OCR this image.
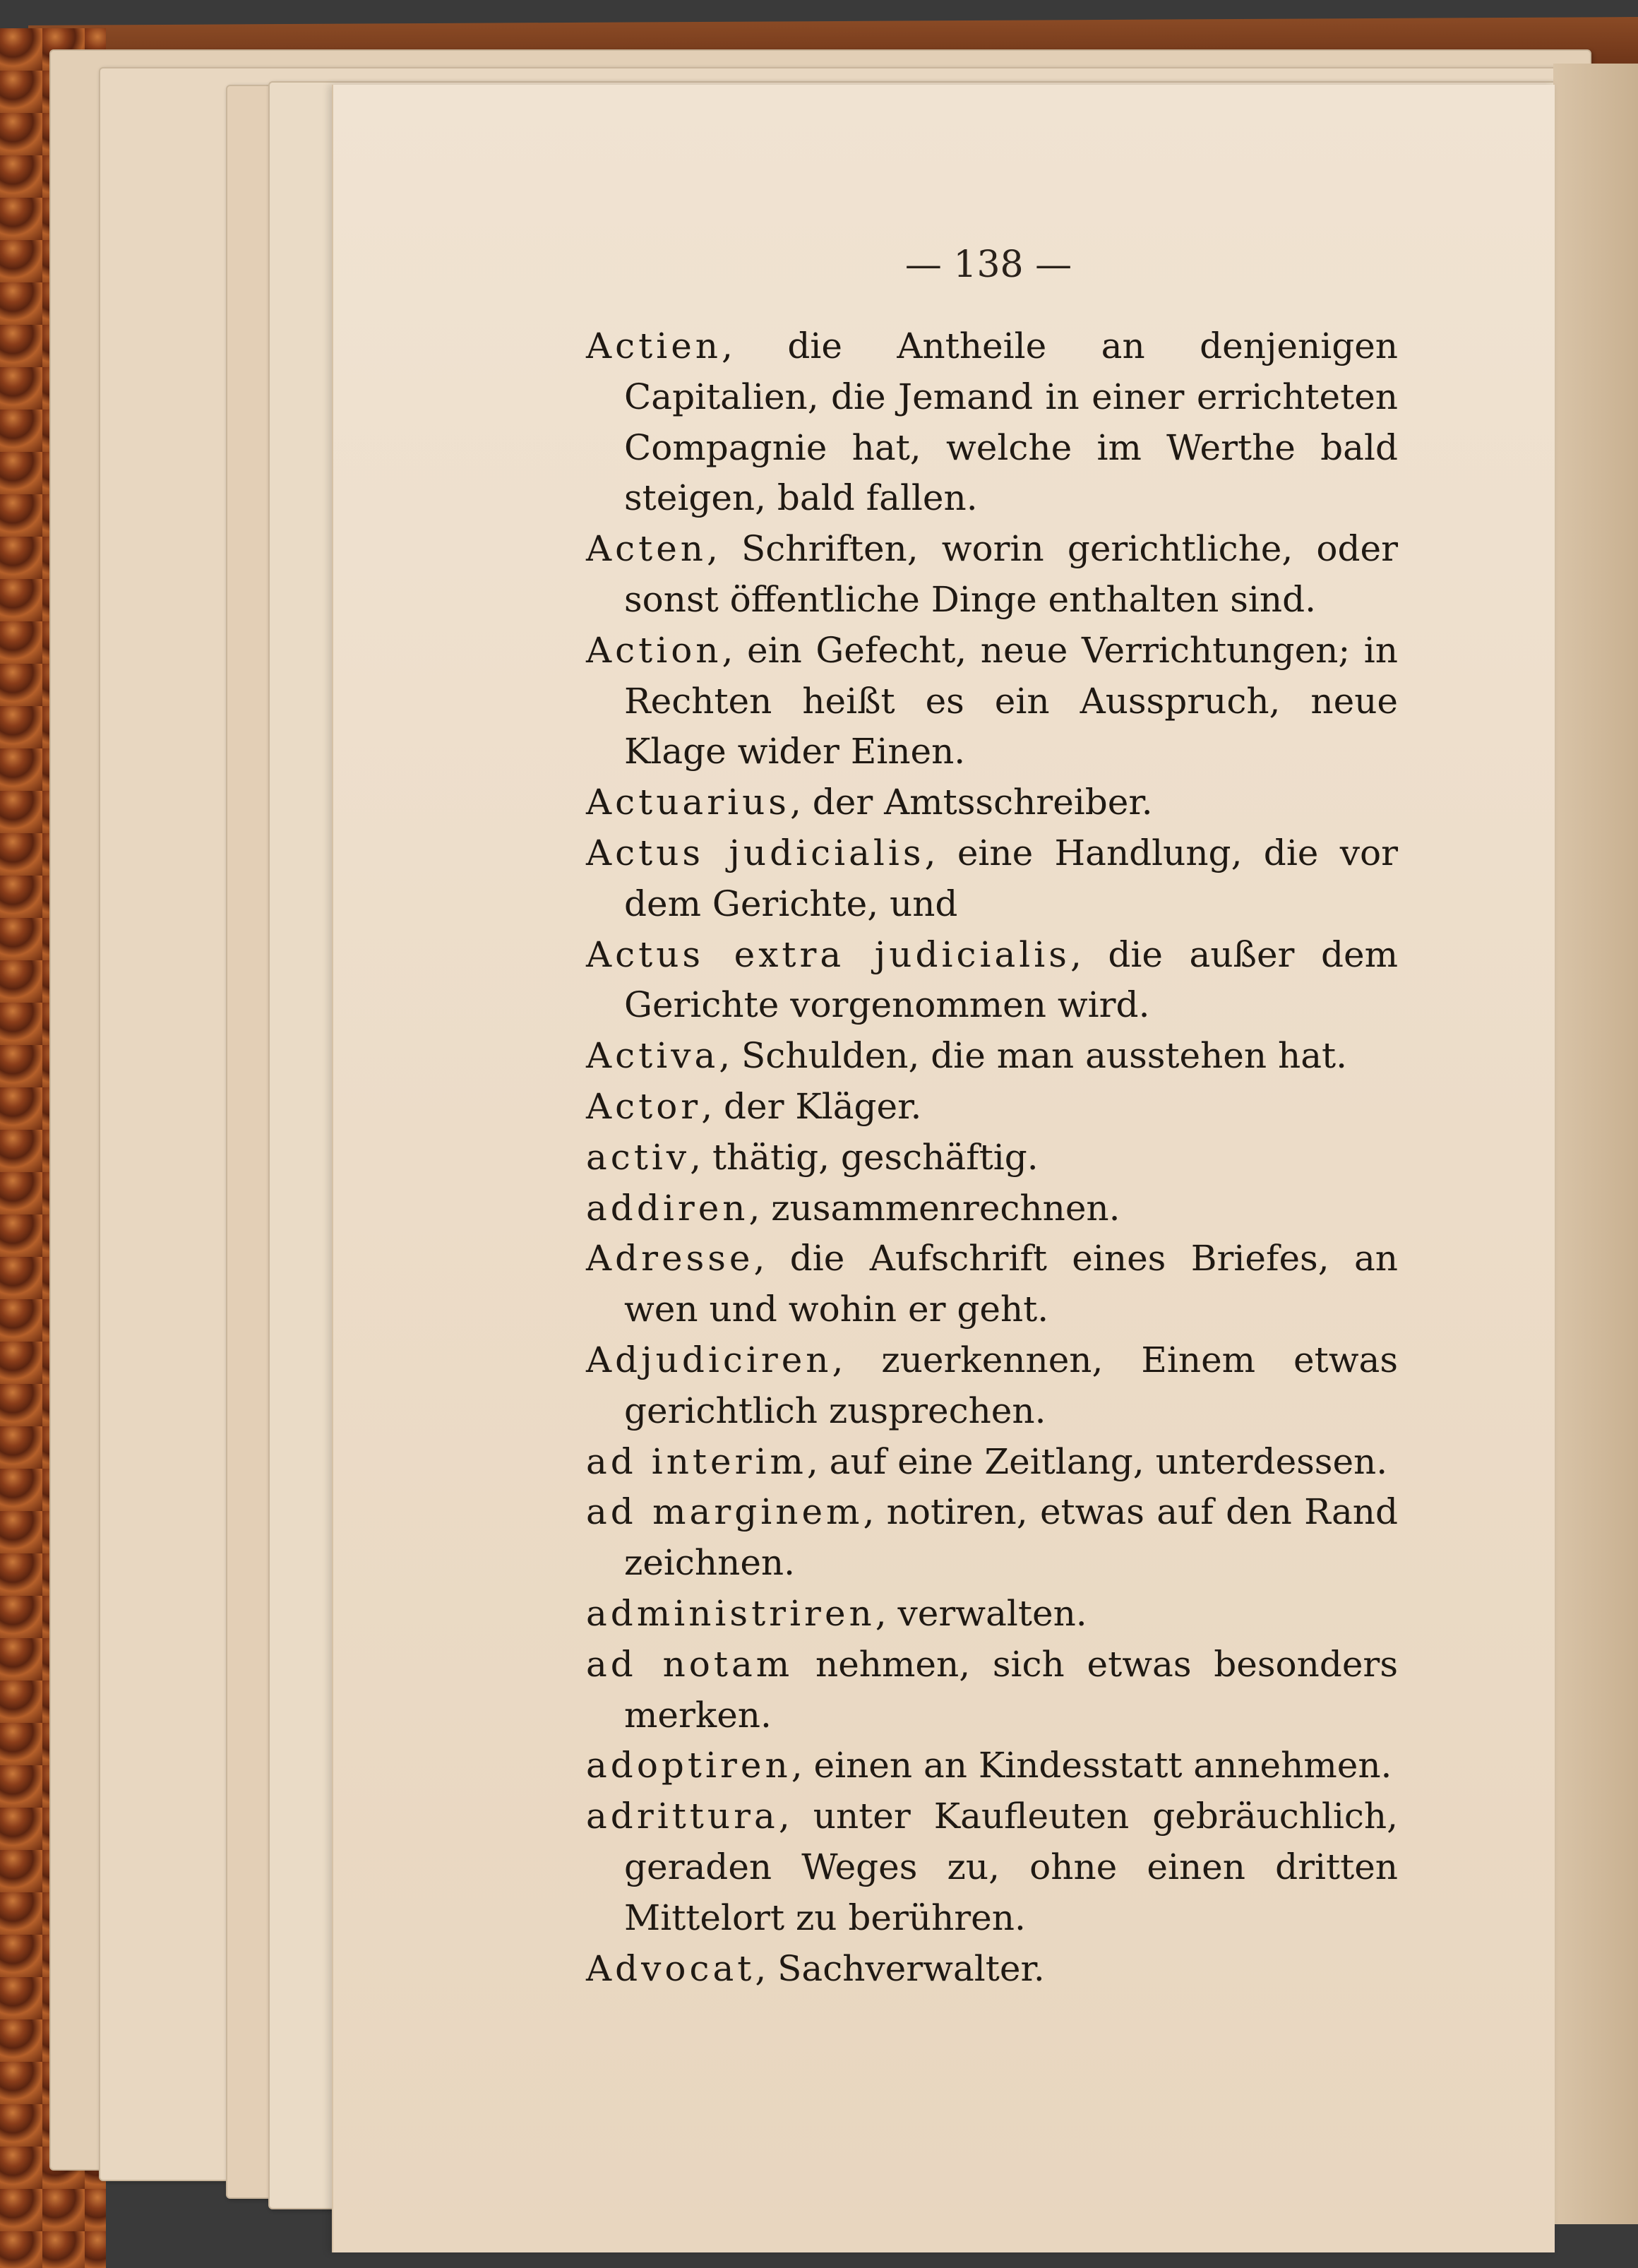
— 138 —

Actien, die Antheile an denjenigen Capitalien, die Jemand in einer errichteten Compagnie hat, welche im Werthe bald steigen, bald fallen.

Acten, Schriften, worin gerichtliche, oder sonst öffentliche Dinge enthalten sind.

Action, ein Gefecht, neue Verrichtungen; in Rechten heißt es ein Ausspruch, neue Klage wider Einen.

Actuarius, der Amtsschreiber.

Actus judicialis, eine Handlung, die vor dem Gerichte, und

Actus extra judicialis, die außer dem Gerichte vorgenommen wird.

Activa, Schulden, die man ausstehen hat.

Actor, der Kläger.

activ, thätig, geschäftig.

addiren, zusammenrechnen.

Adresse, die Aufschrift eines Briefes, an wen und wohin er geht.

Adjudiciren, zuerkennen, Einem etwas gerichtlich zusprechen.

ad interim, auf eine Zeitlang, unterdessen.

ad marginem, notiren, etwas auf den Rand zeichnen.

administriren, verwalten.

ad notam nehmen, sich etwas besonders merken.

adoptiren, einen an Kindesstatt annehmen.

adrittura, unter Kaufleuten gebräuchlich, geraden Weges zu, ohne einen dritten Mittelort zu berühren.

Advocat, Sachverwalter.
